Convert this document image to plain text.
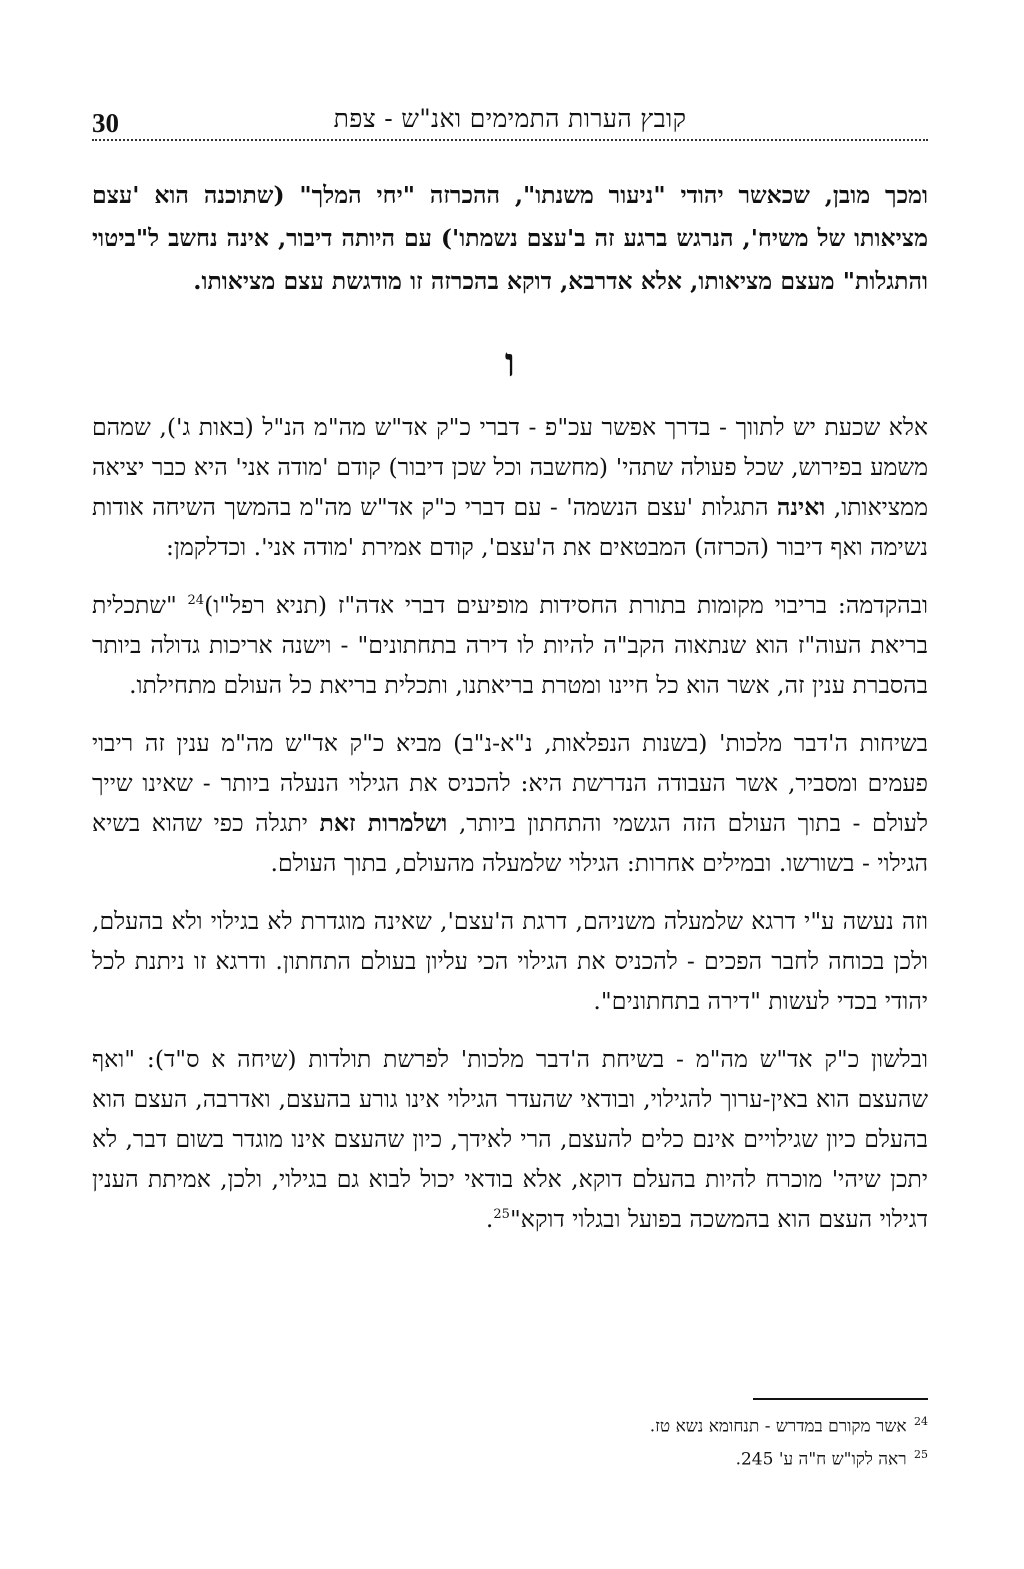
קובץ הערות התמימים ואנ"ש - צפת
30

ומכך מובן, שכאשר יהודי "ניעור משנתו", ההכרזה "יחי המלך" (שתוכנה הוא 'עצם מציאותו של משיח', הנרגש ברגע זה ב'עצם נשמתו') עם היותה דיבור, אינה נחשב ל"ביטוי והתגלות" מעצם מציאותו, אלא אדרבא, דוקא בהכרזה זו מודגשת עצם מציאותו.

ו

אלא שכעת יש לתווך - בדרך אפשר עכ"פ - דברי כ"ק אד"ש מה"מ הנ"ל (באות ג'), שמהם משמע בפירוש, שכל פעולה שתהי' (מחשבה וכל שכן דיבור) קודם 'מודה אני' היא כבר יציאה ממציאותו, ואינה התגלות 'עצם הנשמה' - עם דברי כ"ק אד"ש מה"מ בהמשך השיחה אודות נשימה ואף דיבור (הכרזה) המבטאים את ה'עצם', קודם אמירת 'מודה אני'. וכדלקמן:

ובהקדמה: בריבוי מקומות בתורת החסידות מופיעים דברי אדה"ז (תניא רפל"ו)$^{24}$ "שתכלית בריאת העוה"ז הוא שנתאוה הקב"ה להיות לו דירה בתחתונים" - וישנה אריכות גדולה ביותר בהסברת ענין זה, אשר הוא כל חיינו ומטרת בריאתנו, ותכלית בריאת כל העולם מתחילתו.

בשיחות ה'דבר מלכות' (בשנות הנפלאות, נ"א-נ"ב) מביא כ"ק אד"ש מה"מ ענין זה ריבוי פעמים ומסביר, אשר העבודה הנדרשת היא: להכניס את הגילוי הנעלה ביותר - שאינו שייך לעולם - בתוך העולם הזה הגשמי והתחתון ביותר, ושלמרות זאת יתגלה כפי שהוא בשיא הגילוי - בשורשו. ובמילים אחרות: הגילוי שלמעלה מהעולם, בתוך העולם.

וזה נעשה ע"י דרגא שלמעלה משניהם, דרגת ה'עצם', שאינה מוגדרת לא בגילוי ולא בהעלם, ולכן בכוחה לחבר הפכים - להכניס את הגילוי הכי עליון בעולם התחתון. ודרגא זו ניתנת לכל יהודי בכדי לעשות "דירה בתחתונים".

ובלשון כ"ק אד"ש מה"מ - בשיחת ה'דבר מלכות' לפרשת תולדות (שיחה א ס"ד): "ואף שהעצם הוא באין-ערוך להגילוי, ובודאי שהעדר הגילוי אינו גורע בהעצם, ואדרבה, העצם הוא בהעלם כיון שגילויים אינם כלים להעצם, הרי לאידך, כיון שהעצם אינו מוגדר בשום דבר, לא יתכן שיהי' מוכרח להיות בהעלם דוקא, אלא בודאי יכול לבוא גם בגילוי, ולכן, אמיתת הענין דגילוי העצם הוא בהמשכה בפועל ובגלוי דוקא"$^{25}$.

$^{24}$ אשר מקורם במדרש - תנחומא נשא טז.
$^{25}$ ראה לקו"ש ח"ה ע' 245.
